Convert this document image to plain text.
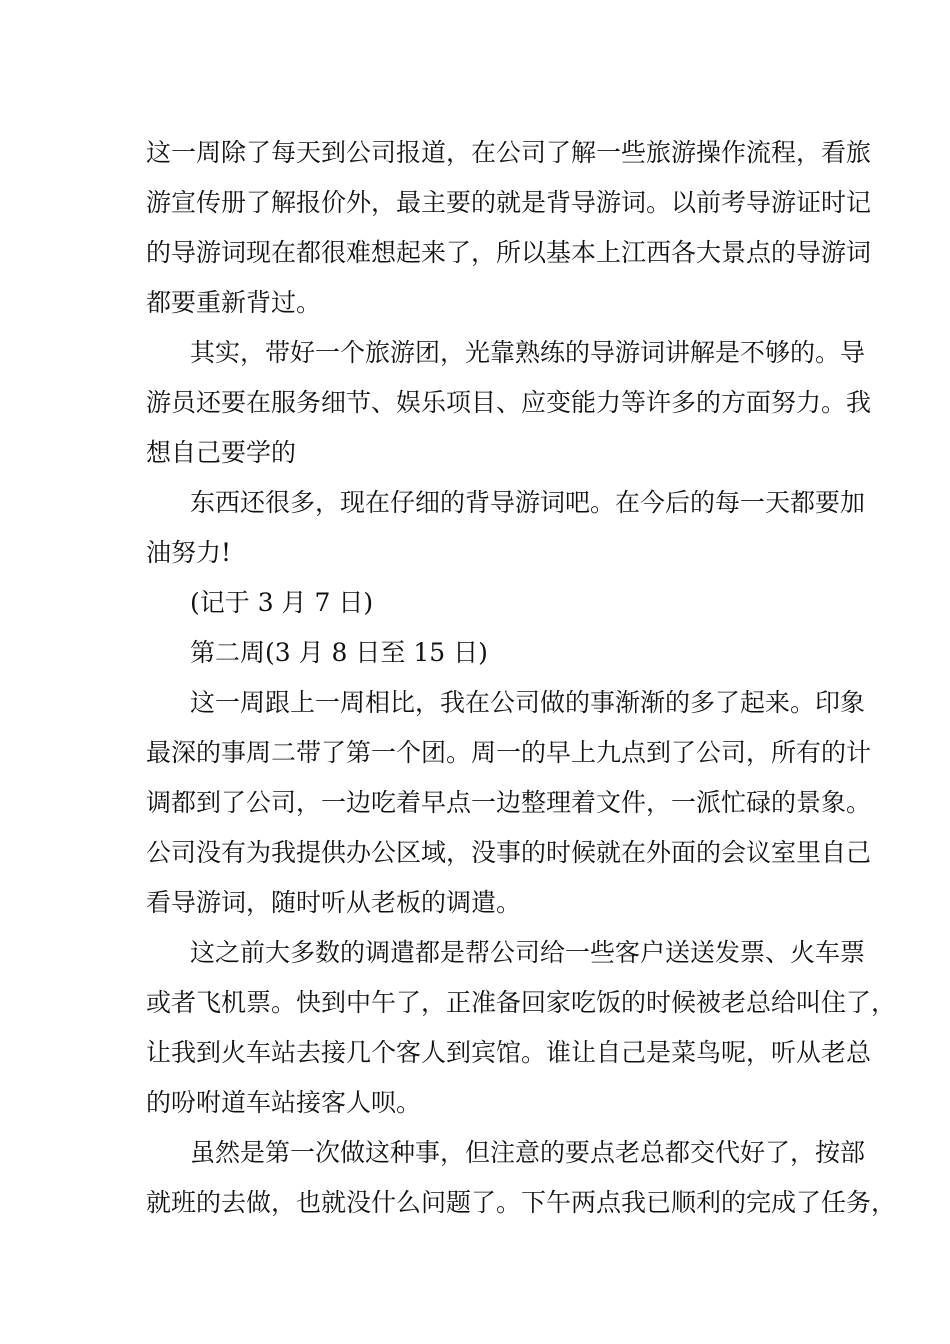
这一周除了每天到公司报道，在公司了解一些旅游操作流程，看旅
游宣传册了解报价外，最主要的就是背导游词。以前考导游证时记
的导游词现在都很难想起来了，所以基本上江西各大景点的导游词
都要重新背过。
其实，带好一个旅游团，光靠熟练的导游词讲解是不够的。导
游员还要在服务细节、娱乐项目、应变能力等许多的方面努力。我
想自己要学的
东西还很多，现在仔细的背导游词吧。在今后的每一天都要加
油努力!
(记于 3 月 7 日)
第二周(3 月 8 日至 15 日)
这一周跟上一周相比，我在公司做的事渐渐的多了起来。印象
最深的事周二带了第一个团。周一的早上九点到了公司，所有的计
调都到了公司，一边吃着早点一边整理着文件，一派忙碌的景象。
公司没有为我提供办公区域，没事的时候就在外面的会议室里自己
看导游词，随时听从老板的调遣。
这之前大多数的调遣都是帮公司给一些客户送送发票、火车票
或者飞机票。快到中午了，正准备回家吃饭的时候被老总给叫住了，
让我到火车站去接几个客人到宾馆。谁让自己是菜鸟呢，听从老总
的吩咐道车站接客人呗。
虽然是第一次做这种事，但注意的要点老总都交代好了，按部
就班的去做，也就没什么问题了。下午两点我已顺利的完成了任务，
